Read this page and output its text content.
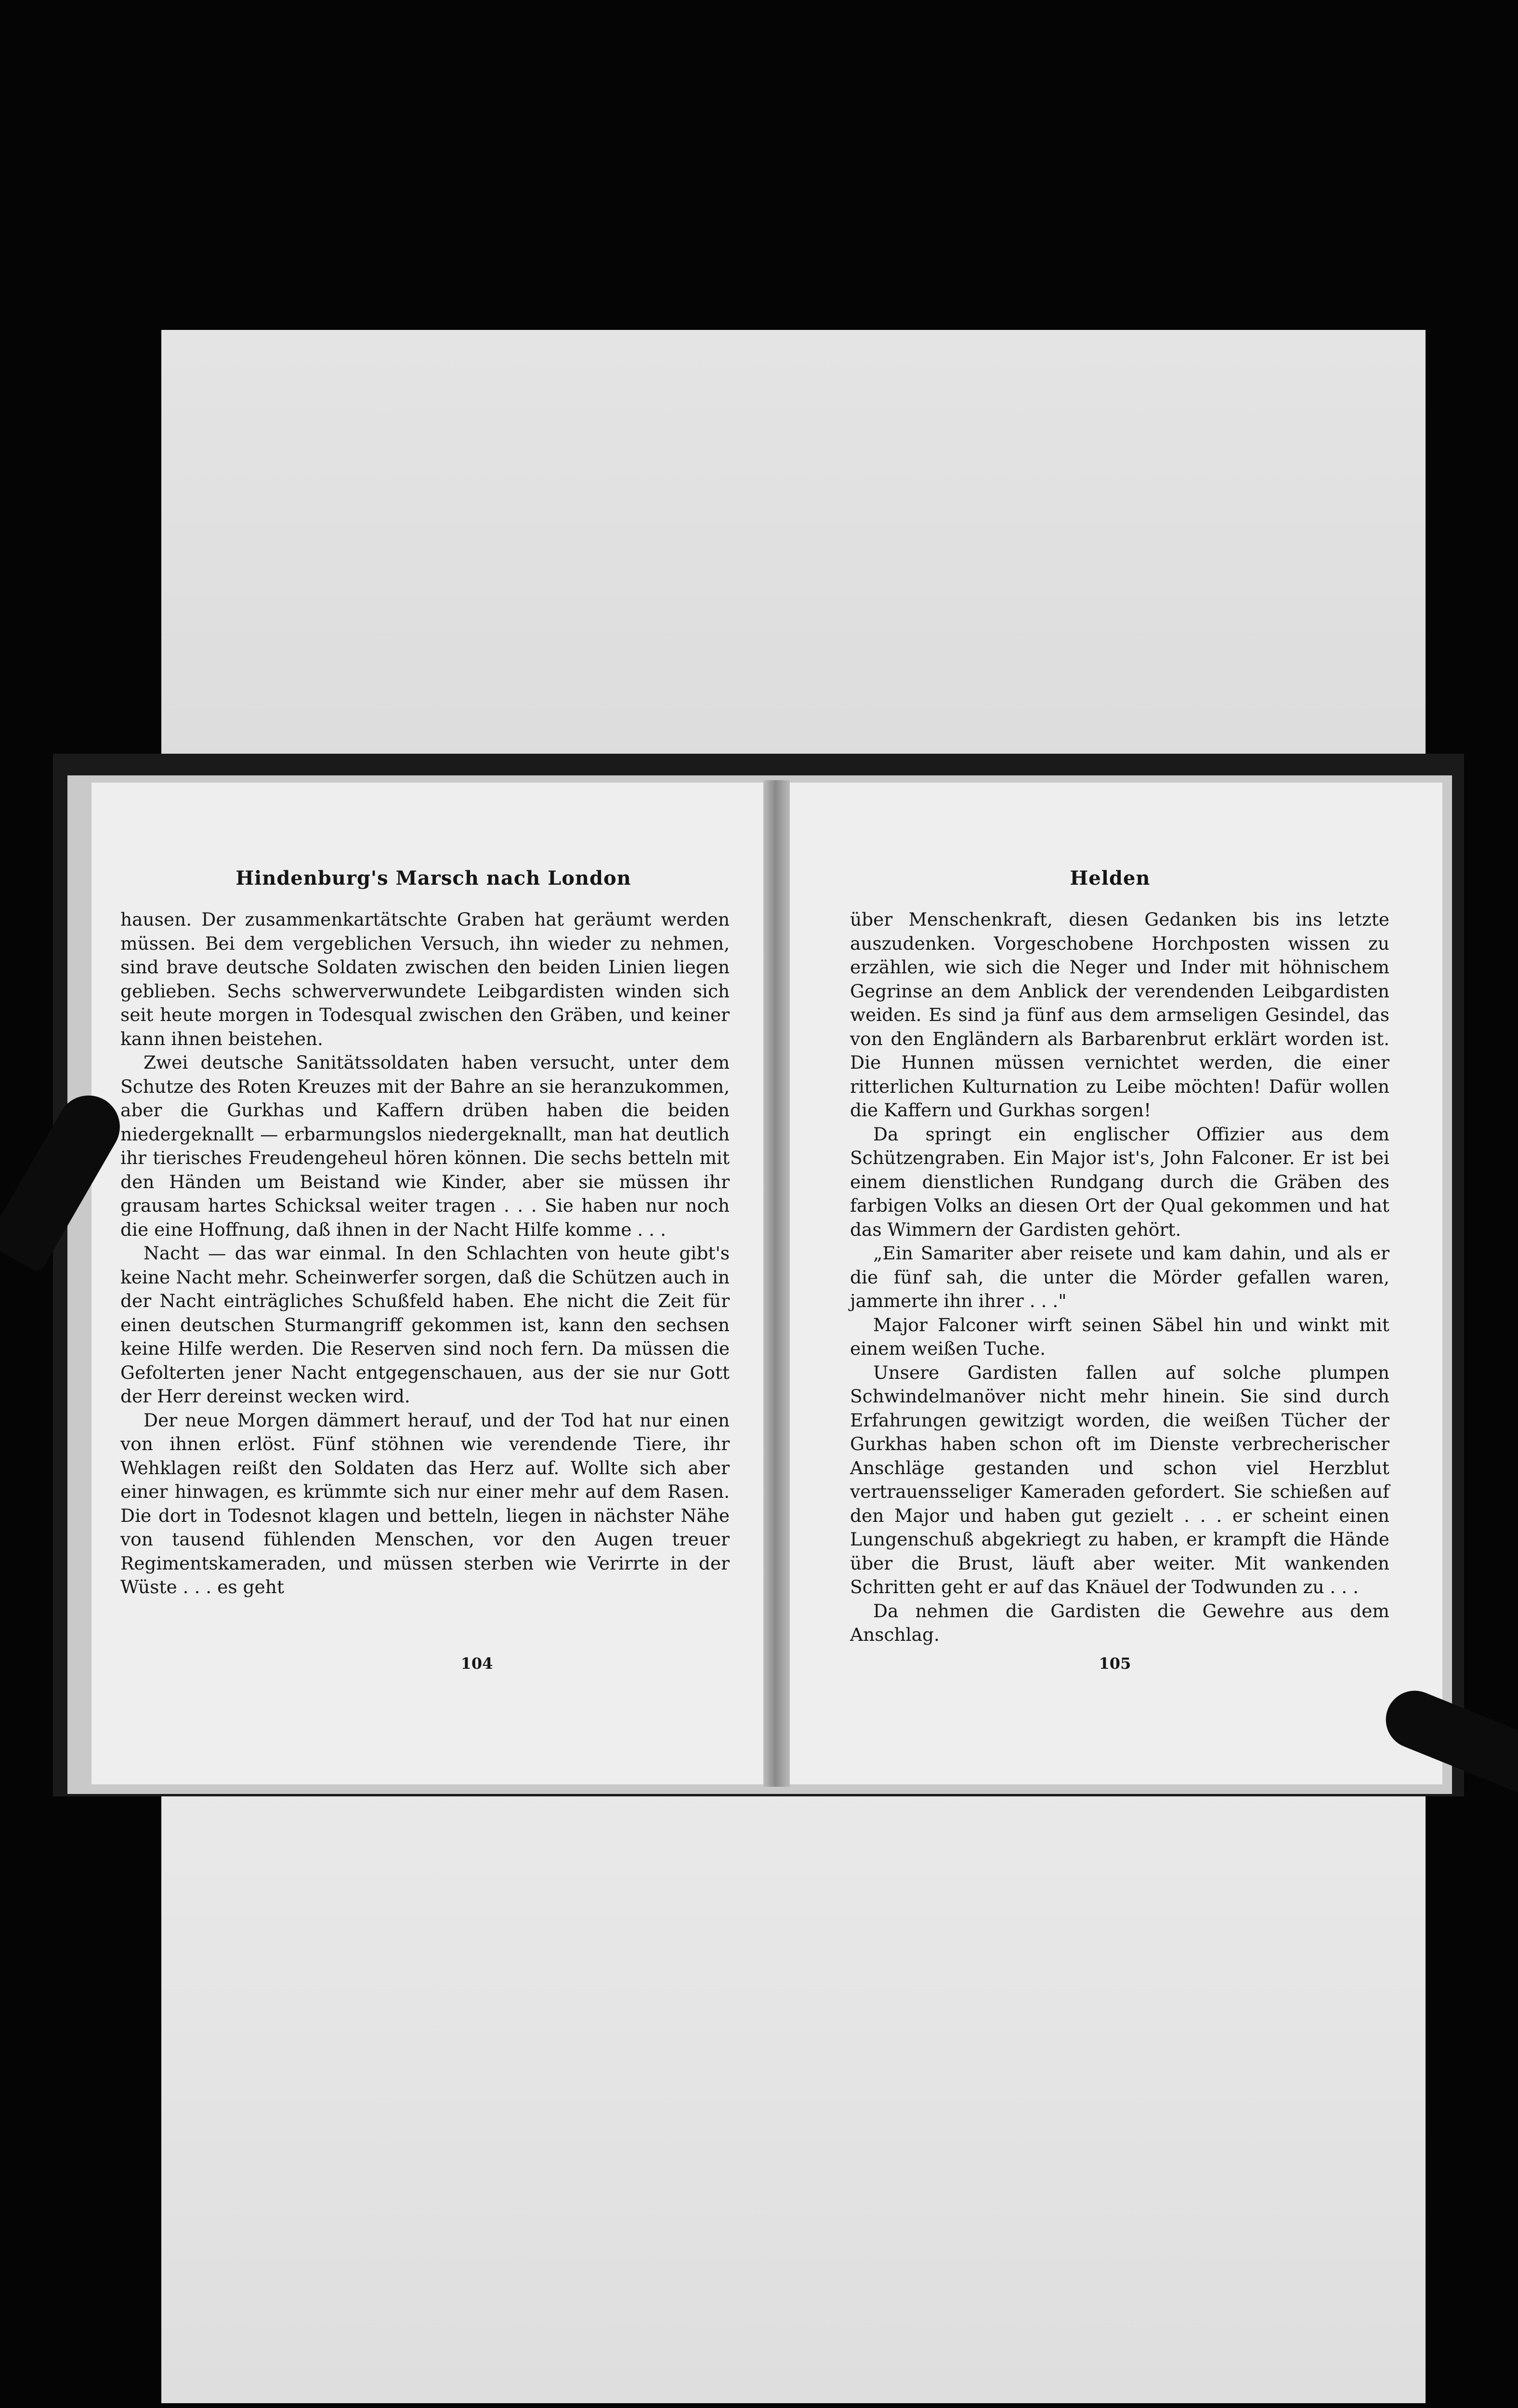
Hindenburg's Marsch nach London

hausen. Der zusammenkartätschte Graben hat geräumt werden müssen. Bei dem vergeblichen Versuch, ihn wieder zu nehmen, sind brave deutsche Soldaten zwischen den beiden Linien liegen geblieben. Sechs schwerverwundete Leibgardisten winden sich seit heute morgen in Todesqual zwischen den Gräben, und keiner kann ihnen beistehen.

Zwei deutsche Sanitätssoldaten haben versucht, unter dem Schutze des Roten Kreuzes mit der Bahre an sie heranzukommen, aber die Gurkhas und Kaffern drüben haben die beiden niedergeknallt — erbarmungslos niedergeknallt, man hat deutlich ihr tierisches Freudengeheul hören können. Die sechs betteln mit den Händen um Beistand wie Kinder, aber sie müssen ihr grausam hartes Schicksal weiter tragen . . . Sie haben nur noch die eine Hoffnung, daß ihnen in der Nacht Hilfe komme . . .

Nacht — das war einmal. In den Schlachten von heute gibt's keine Nacht mehr. Scheinwerfer sorgen, daß die Schützen auch in der Nacht einträgliches Schußfeld haben. Ehe nicht die Zeit für einen deutschen Sturmangriff gekommen ist, kann den sechsen keine Hilfe werden. Die Reserven sind noch fern. Da müssen die Gefolterten jener Nacht entgegenschauen, aus der sie nur Gott der Herr dereinst wecken wird.

Der neue Morgen dämmert herauf, und der Tod hat nur einen von ihnen erlöst. Fünf stöhnen wie verendende Tiere, ihr Wehklagen reißt den Soldaten das Herz auf. Wollte sich aber einer hinwagen, es krümmte sich nur einer mehr auf dem Rasen. Die dort in Todesnot klagen und betteln, liegen in nächster Nähe von tausend fühlenden Menschen, vor den Augen treuer Regimentskameraden, und müssen sterben wie Verirrte in der Wüste . . . es geht

104
Helden

über Menschenkraft, diesen Gedanken bis ins letzte auszudenken. Vorgeschobene Horchposten wissen zu erzählen, wie sich die Neger und Inder mit höhnischem Gegrinse an dem Anblick der verendenden Leibgardisten weiden. Es sind ja fünf aus dem armseligen Gesindel, das von den Engländern als Barbarenbrut erklärt worden ist. Die Hunnen müssen vernichtet werden, die einer ritterlichen Kulturnation zu Leibe möchten! Dafür wollen die Kaffern und Gurkhas sorgen!

Da springt ein englischer Offizier aus dem Schützengraben. Ein Major ist's, John Falconer. Er ist bei einem dienstlichen Rundgang durch die Gräben des farbigen Volks an diesen Ort der Qual gekommen und hat das Wimmern der Gardisten gehört.

„Ein Samariter aber reisete und kam dahin, und als er die fünf sah, die unter die Mörder gefallen waren, jammerte ihn ihrer . . ."

Major Falconer wirft seinen Säbel hin und winkt mit einem weißen Tuche.

Unsere Gardisten fallen auf solche plumpen Schwindelmanöver nicht mehr hinein. Sie sind durch Erfahrungen gewitzigt worden, die weißen Tücher der Gurkhas haben schon oft im Dienste verbrecherischer Anschläge gestanden und schon viel Herzblut vertrauensseliger Kameraden gefordert. Sie schießen auf den Major und haben gut gezielt . . . er scheint einen Lungenschuß abgekriegt zu haben, er krampft die Hände über die Brust, läuft aber weiter. Mit wankenden Schritten geht er auf das Knäuel der Todwunden zu . . .

Da nehmen die Gardisten die Gewehre aus dem Anschlag.

105
